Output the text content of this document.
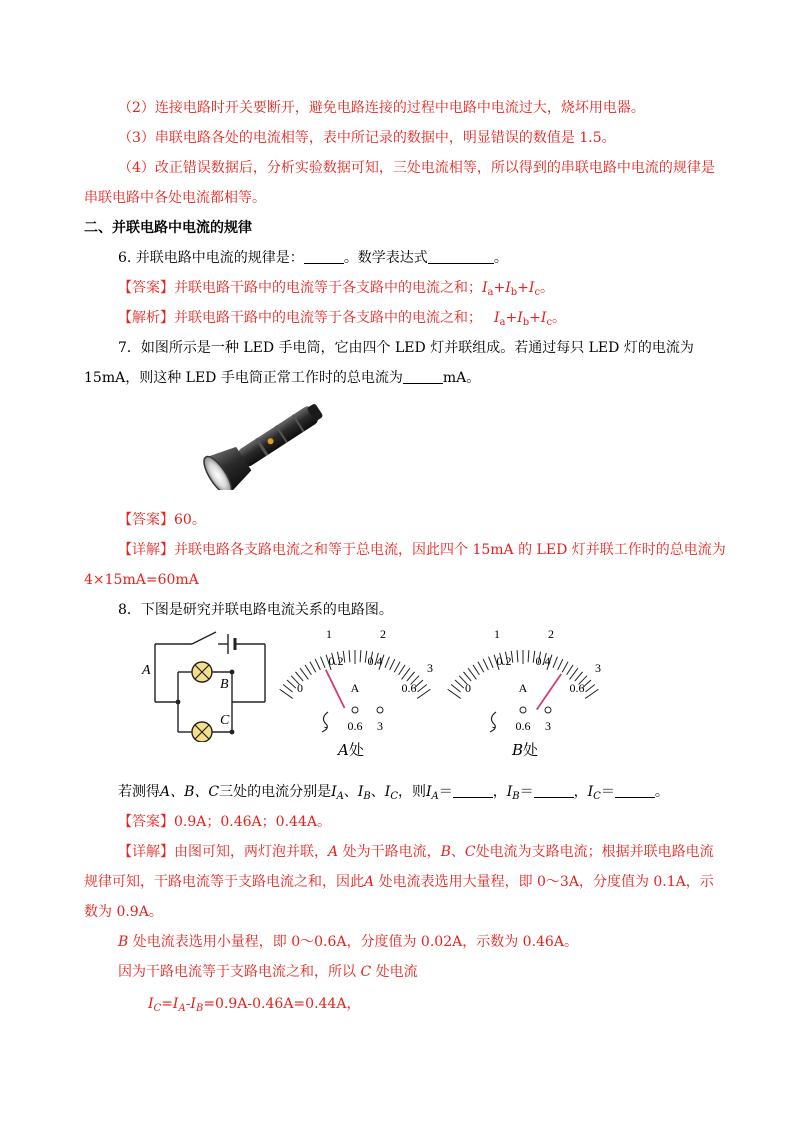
（2）连接电路时开关要断开，避免电路连接的过程中电路中电流过大，烧坏用电器。
（3）串联电路各处的电流相等，表中所记录的数据中，明显错误的数值是 1.5。
（4）改正错误数据后，分析实验数据可知，三处电流相等，所以得到的串联电路中电流的规律是
串联电路中各处电流都相等。
二、并联电路中电流的规律
6. 并联电路中电流的规律是：	。数学表达式	。
【答案】并联电路干路中的电流等于各支路中的电流之和；$I_a+I_b+I_c$。
【解析】并联电路干路中的电流等于各支路中的电流之和； $I_a+I_b+I_c$。
7．如图所示是一种 LED 手电筒，它由四个 LED 灯并联组成。若通过每只 LED 灯的电流为
15mA，则这种 LED 手电筒正常工作时的总电流为	mA。
【答案】60。
【详解】并联电路各支路电流之和等于总电流，因此四个 15mA 的 LED 灯并联工作时的总电流为
4×15mA=60mA
8．下图是研究并联电路电流关系的电路图。
A
B
C
1	2
3
0
0.2 0.4
0.6
A
- 0.6 3
A处
1	2
3
0
0.2 0.4
0.6
A
- 0.6 3
B处
若测得A、B、C三处的电流分别是$I_A$、$I_B$、$I_C$，则$I_A=$	，$I_B=$	，$I_C=$	。
【答案】0.9A；0.46A；0.44A。
【详解】由图可知，两灯泡并联，A 处为干路电流，B、C处电流为支路电流；根据并联电路电流
规律可知，干路电流等于支路电流之和，因此A 处电流表选用大量程，即 0～3A，分度值为 0.1A，示
数为 0.9A。
B 处电流表选用小量程，即 0～0.6A，分度值为 0.02A，示数为 0.46A。
因为干路电流等于支路电流之和，所以 C 处电流
$I_C=I_A-I_B=0.9A-0.46A=0.44A$，
